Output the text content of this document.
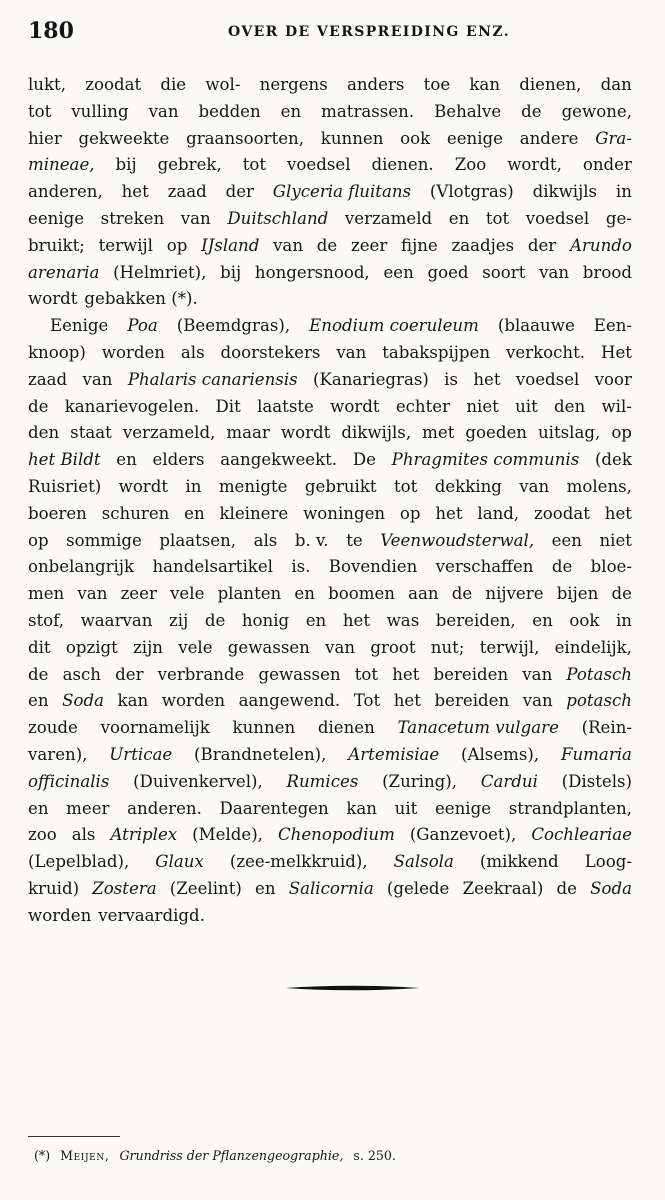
180	OVER DE VERSPREIDING ENZ.
lukt, zoodat die wol- nergens anders toe kan dienen, dan
tot vulling van bedden en matrassen. Behalve de gewone,
hier gekweekte graansoorten, kunnen ook eenige andere Gra-
mineae, bij gebrek, tot voedsel dienen. Zoo wordt, onder
anderen, het zaad der Glyceria fluitans (Vlotgras) dikwijls in
eenige streken van Duitschland verzameld en tot voedsel ge-
bruikt; terwijl op IJsland van de zeer fijne zaadjes der Arundo
arenaria (Helmriet), bij hongersnood, een goed soort van brood
wordt gebakken (*).
Eenige Poa (Beemdgras), Enodium coeruleum (blaauwe Een-
knoop) worden als doorstekers van tabakspijpen verkocht. Het
zaad van Phalaris canariensis (Kanariegras) is het voedsel voor
de kanarievogelen. Dit laatste wordt echter niet uit den wil-
den staat verzameld, maar wordt dikwijls, met goeden uitslag, op
het Bildt en elders aangekweekt. De Phragmites communis (dek
Ruisriet) wordt in menigte gebruikt tot dekking van molens,
boeren schuren en kleinere woningen op het land, zoodat het
op sommige plaatsen, als b. v. te Veenwoudsterwal, een niet
onbelangrijk handelsartikel is. Bovendien verschaffen de bloe-
men van zeer vele planten en boomen aan de nijvere bijen de
stof, waarvan zij de honig en het was bereiden, en ook in
dit opzigt zijn vele gewassen van groot nut; terwijl, eindelijk,
de asch der verbrande gewassen tot het bereiden van Potasch
en Soda kan worden aangewend. Tot het bereiden van potasch
zoude voornamelijk kunnen dienen Tanacetum vulgare (Rein-
varen), Urticae (Brandnetelen), Artemisiae (Alsems), Fumaria
officinalis (Duivenkervel), Rumices (Zuring), Cardui (Distels)
en meer anderen. Daarentegen kan uit eenige strandplanten,
zoo als Atriplex (Melde), Chenopodium (Ganzevoet), Cochleariae
(Lepelblad), Glaux (zee-melkkruid), Salsola (mikkend Loog-
kruid) Zostera (Zeelint) en Salicornia (gelede Zeekraal) de Soda
worden vervaardigd.
(*) Meijen, Grundriss der Pflanzengeographie, s. 250.
